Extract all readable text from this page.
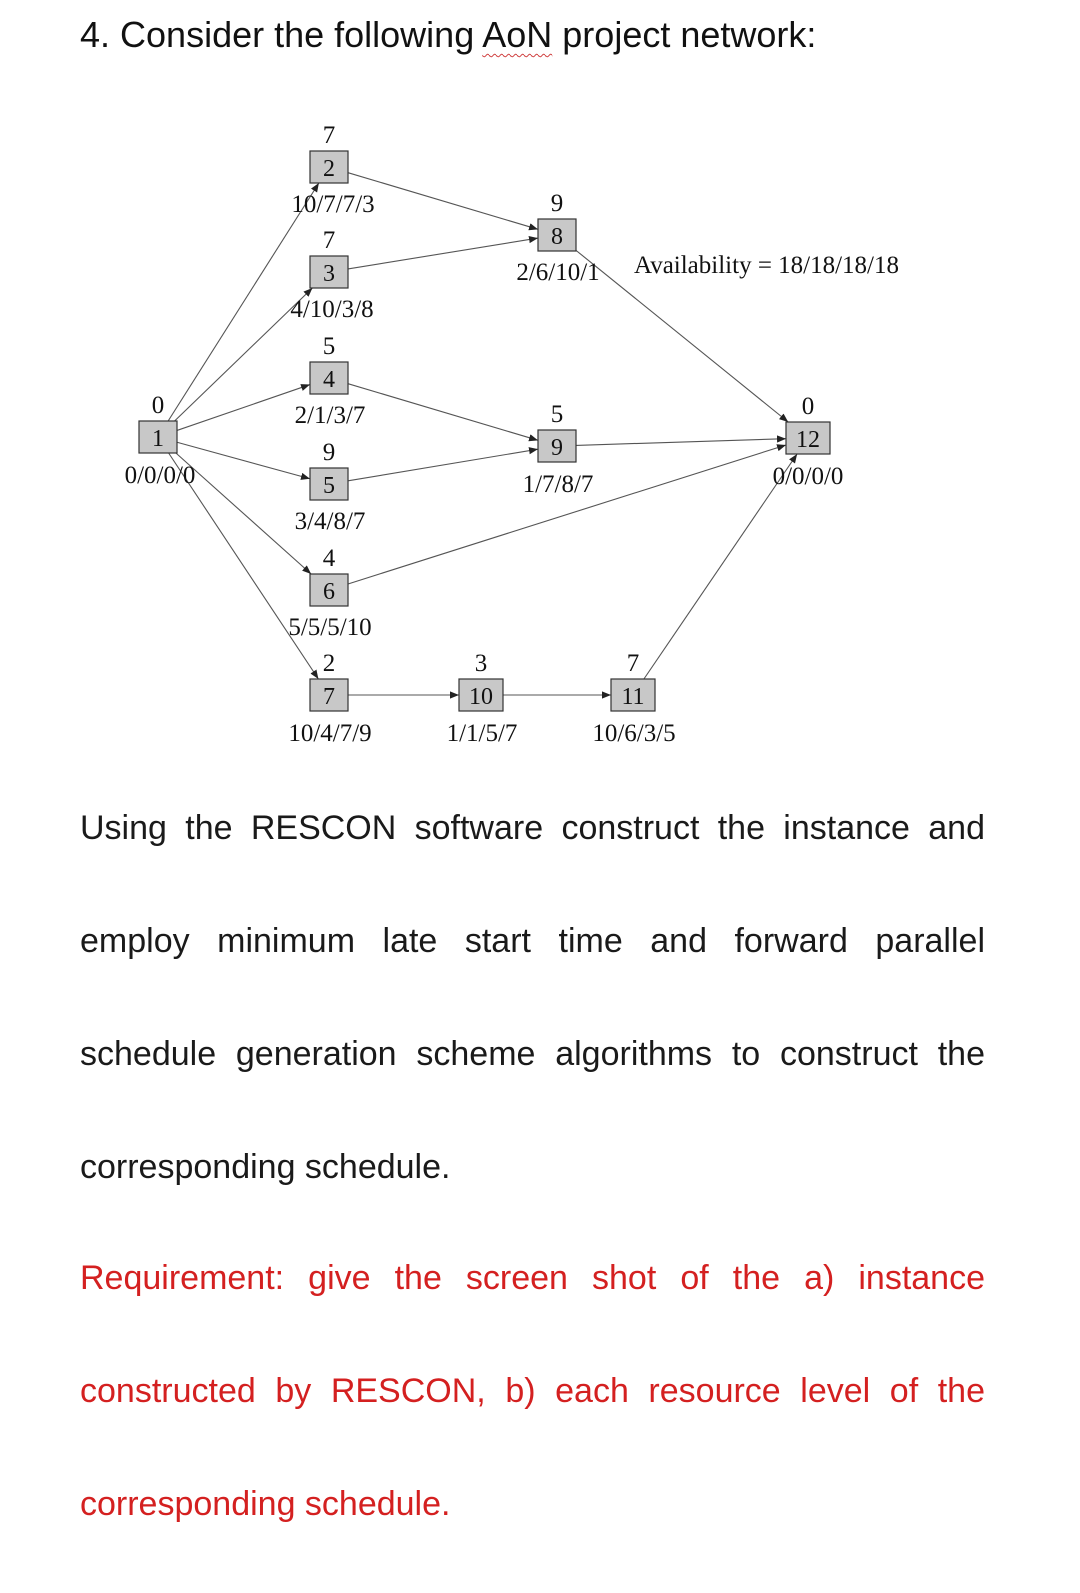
4. Consider the following AoN project network:
1
0
0/0/0/0
2
7
10/7/7/3
3
7
4/10/3/8
4
5
2/1/3/7
5
9
3/4/8/7
6
4
5/5/5/10
7
2
10/4/7/9
8
9
2/6/10/1
9
5
1/7/8/7
10
3
1/1/5/7
11
7
10/6/3/5
12
0
0/0/0/0
Availability = 18/18/18/18

Using the RESCON software construct the instance and employ minimum late start time and forward parallel schedule generation scheme algorithms to construct the corresponding schedule.

Requirement: give the screen shot of the a) instance constructed by RESCON, b) each resource level of the corresponding schedule.
